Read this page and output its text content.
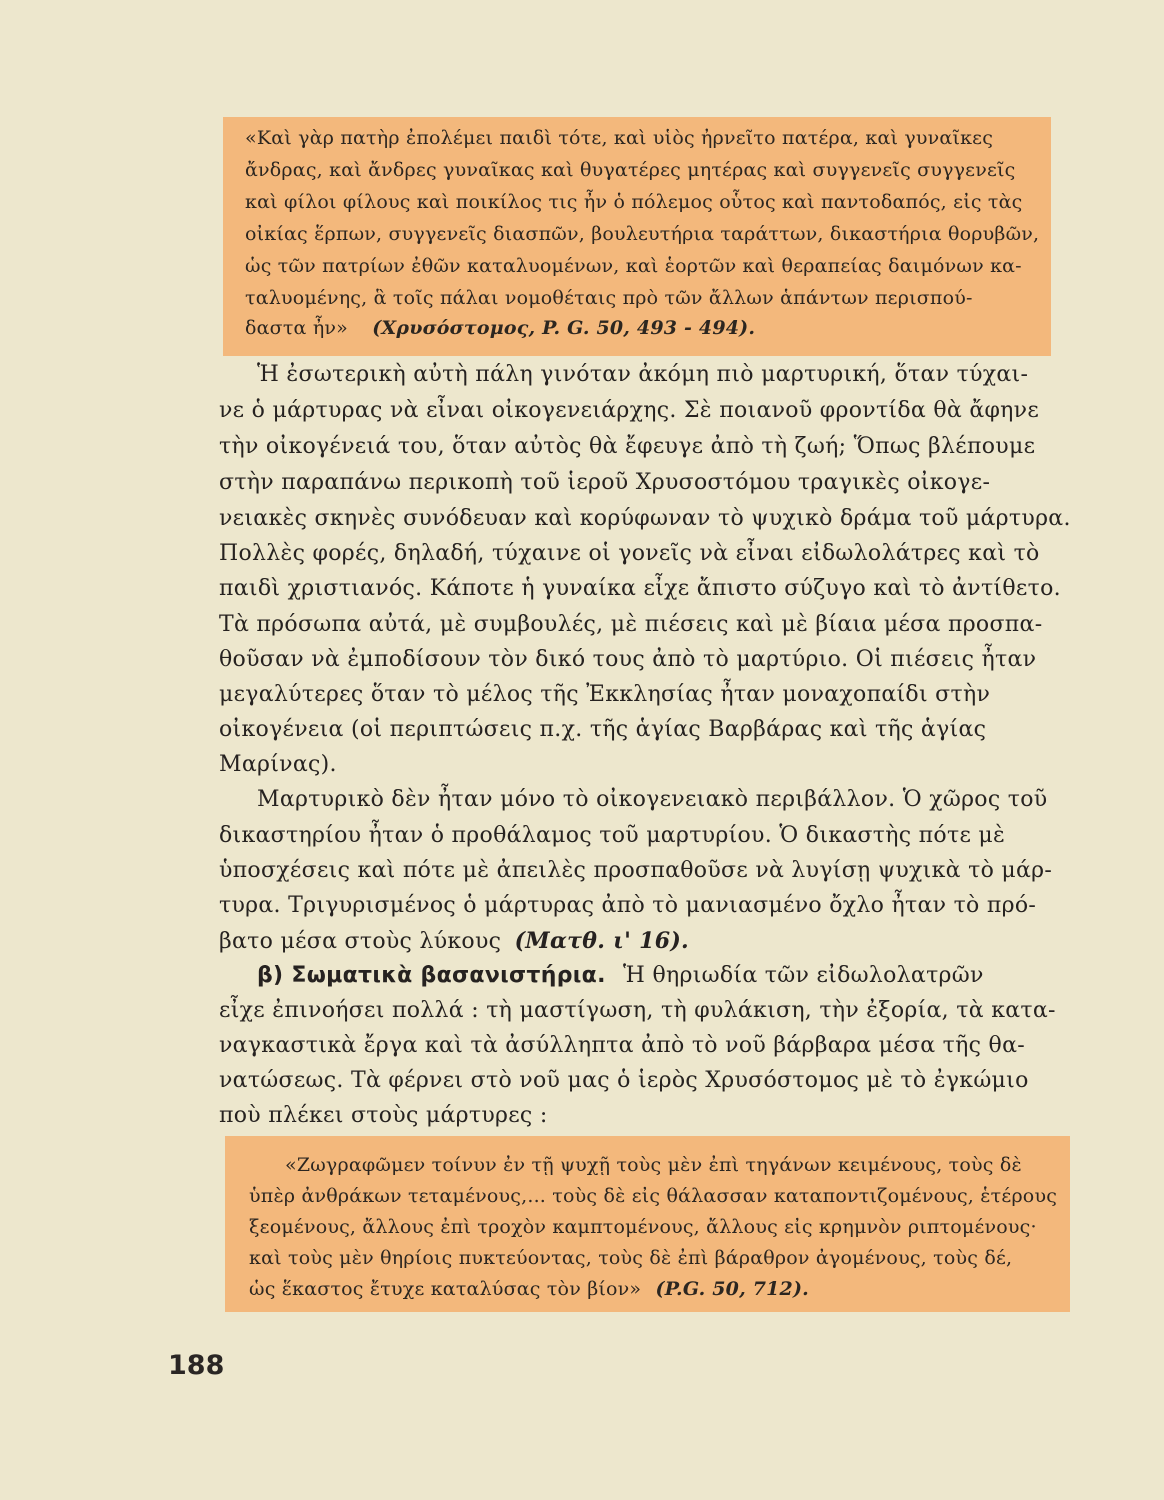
«Καὶ γὰρ πατὴρ ἐπολέμει παιδὶ τότε, καὶ υἱὸς ἠρνεῖτο πατέρα, καὶ γυναῖκες
ἄνδρας, καὶ ἄνδρες γυναῖκας καὶ θυγατέρες μητέρας καὶ συγγενεῖς συγγενεῖς
καὶ φίλοι φίλους καὶ ποικίλος τις ἦν ὁ πόλεμος οὗτος καὶ παντοδαπός, εἰς τὰς
οἰκίας ἕρπων, συγγενεῖς διασπῶν, βουλευτήρια ταράττων, δικαστήρια θορυβῶν,
ὡς τῶν πατρίων ἐθῶν καταλυομένων, καὶ ἑορτῶν καὶ θεραπείας δαιμόνων κα-
ταλυομένης, ἃ τοῖς πάλαι νομοθέταις πρὸ τῶν ἄλλων ἁπάντων περισπού-
δαστα ἦν» (Χρυσόστομος, P. G. 50, 493 - 494).
Ἡ ἐσωτερικὴ αὐτὴ πάλη γινόταν ἀκόμη πιὸ μαρτυρική, ὅταν τύχαι-
νε ὁ μάρτυρας νὰ εἶναι οἰκογενειάρχης. Σὲ ποιανοῦ φροντίδα θὰ ἄφηνε
τὴν οἰκογένειά του, ὅταν αὐτὸς θὰ ἔφευγε ἀπὸ τὴ ζωή; Ὅπως βλέπουμε
στὴν παραπάνω περικοπὴ τοῦ ἱεροῦ Χρυσοστόμου τραγικὲς οἰκογε-
νειακὲς σκηνὲς συνόδευαν καὶ κορύφωναν τὸ ψυχικὸ δράμα τοῦ μάρτυρα.
Πολλὲς φορές, δηλαδή, τύχαινε οἱ γονεῖς νὰ εἶναι εἰδωλολάτρες καὶ τὸ
παιδὶ χριστιανός. Κάποτε ἡ γυναίκα εἶχε ἄπιστο σύζυγο καὶ τὸ ἀντίθετο.
Τὰ πρόσωπα αὐτά, μὲ συμβουλές, μὲ πιέσεις καὶ μὲ βίαια μέσα προσπα-
θοῦσαν νὰ ἐμποδίσουν τὸν δικό τους ἀπὸ τὸ μαρτύριο. Οἱ πιέσεις ἦταν
μεγαλύτερες ὅταν τὸ μέλος τῆς Ἐκκλησίας ἦταν μοναχοπαίδι στὴν
οἰκογένεια (οἱ περιπτώσεις π.χ. τῆς ἁγίας Βαρβάρας καὶ τῆς ἁγίας
Μαρίνας).
Μαρτυρικὸ δὲν ἦταν μόνο τὸ οἰκογενειακὸ περιβάλλον. Ὁ χῶρος τοῦ
δικαστηρίου ἦταν ὁ προθάλαμος τοῦ μαρτυρίου. Ὁ δικαστὴς πότε μὲ
ὑποσχέσεις καὶ πότε μὲ ἀπειλὲς προσπαθοῦσε νὰ λυγίσῃ ψυχικὰ τὸ μάρ-
τυρα. Τριγυρισμένος ὁ μάρτυρας ἀπὸ τὸ μανιασμένο ὄχλο ἦταν τὸ πρό-
βατο μέσα στοὺς λύκους (Ματθ. ι' 16).
β) Σωματικὰ βασανιστήρια. Ἡ θηριωδία τῶν εἰδωλολατρῶν
εἶχε ἐπινοήσει πολλά : τὴ μαστίγωση, τὴ φυλάκιση, τὴν ἐξορία, τὰ κατα-
ναγκαστικὰ ἔργα καὶ τὰ ἀσύλληπτα ἀπὸ τὸ νοῦ βάρβαρα μέσα τῆς θα-
νατώσεως. Τὰ φέρνει στὸ νοῦ μας ὁ ἱερὸς Χρυσόστομος μὲ τὸ ἐγκώμιο
ποὺ πλέκει στοὺς μάρτυρες :
«Ζωγραφῶμεν τοίνυν ἐν τῇ ψυχῇ τοὺς μὲν ἐπὶ τηγάνων κειμένους, τοὺς δὲ
ὑπὲρ ἀνθράκων τεταμένους,... τοὺς δὲ εἰς θάλασσαν καταποντιζομένους, ἑτέρους
ξεομένους, ἄλλους ἐπὶ τροχὸν καμπτομένους, ἄλλους εἰς κρημνὸν ριπτομένους·
καὶ τοὺς μὲν θηρίοις πυκτεύοντας, τοὺς δὲ ἐπὶ βάραθρον ἀγομένους, τοὺς δέ,
ὡς ἕκαστος ἔτυχε καταλύσας τὸν βίον» (P.G. 50, 712).
188
